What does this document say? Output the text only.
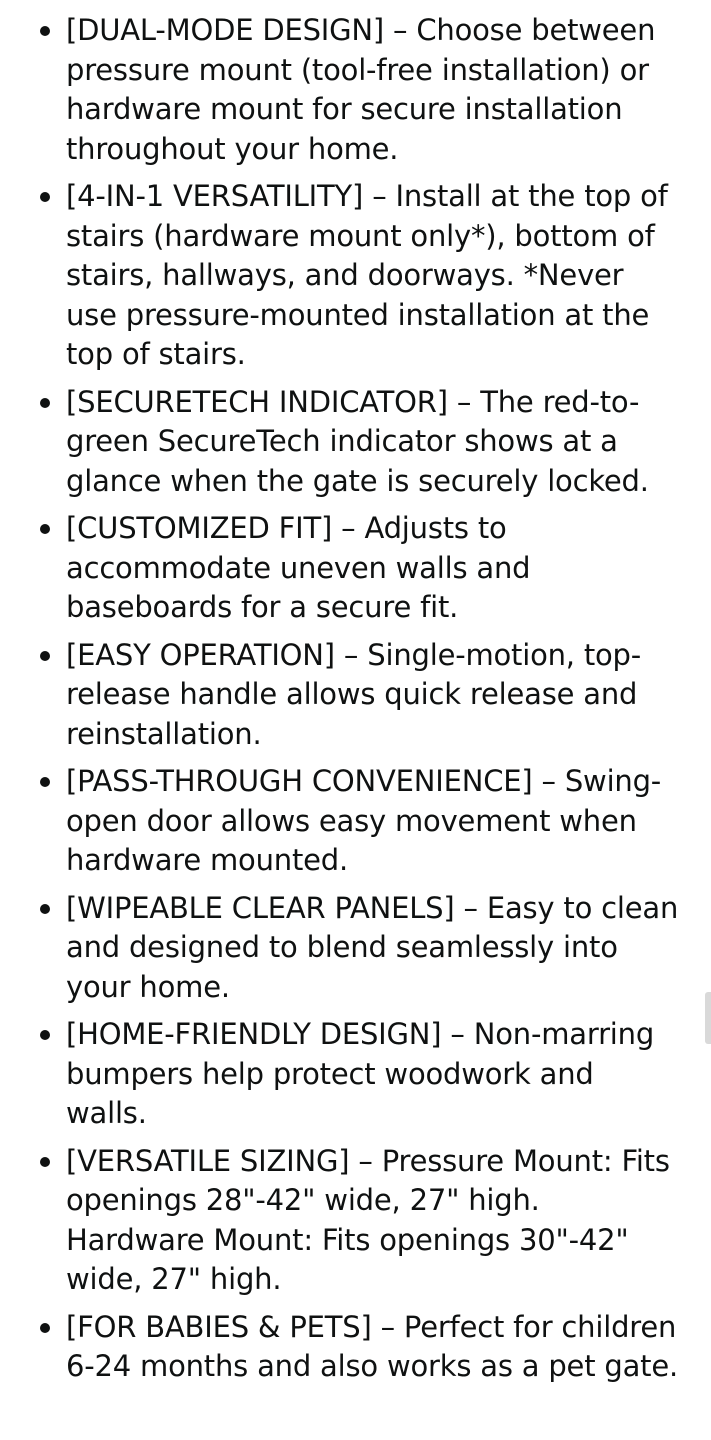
[DUAL-MODE DESIGN] – Choose between pressure mount (tool-free installation) or hardware mount for secure installation throughout your home.
[4-IN-1 VERSATILITY] – Install at the top of stairs (hardware mount only*), bottom of stairs, hallways, and doorways. *Never use pressure-mounted installation at the top of stairs.
[SECURETECH INDICATOR] – The red-to-green SecureTech indicator shows at a glance when the gate is securely locked.
[CUSTOMIZED FIT] – Adjusts to accommodate uneven walls and baseboards for a secure fit.
[EASY OPERATION] – Single-motion, top-release handle allows quick release and reinstallation.
[PASS-THROUGH CONVENIENCE] – Swing-open door allows easy movement when hardware mounted.
[WIPEABLE CLEAR PANELS] – Easy to clean and designed to blend seamlessly into your home.
[HOME-FRIENDLY DESIGN] – Non-marring bumpers help protect woodwork and walls.
[VERSATILE SIZING] – Pressure Mount: Fits openings 28"-42" wide, 27" high. Hardware Mount: Fits openings 30"-42" wide, 27" high.
[FOR BABIES & PETS] – Perfect for children 6-24 months and also works as a pet gate.
